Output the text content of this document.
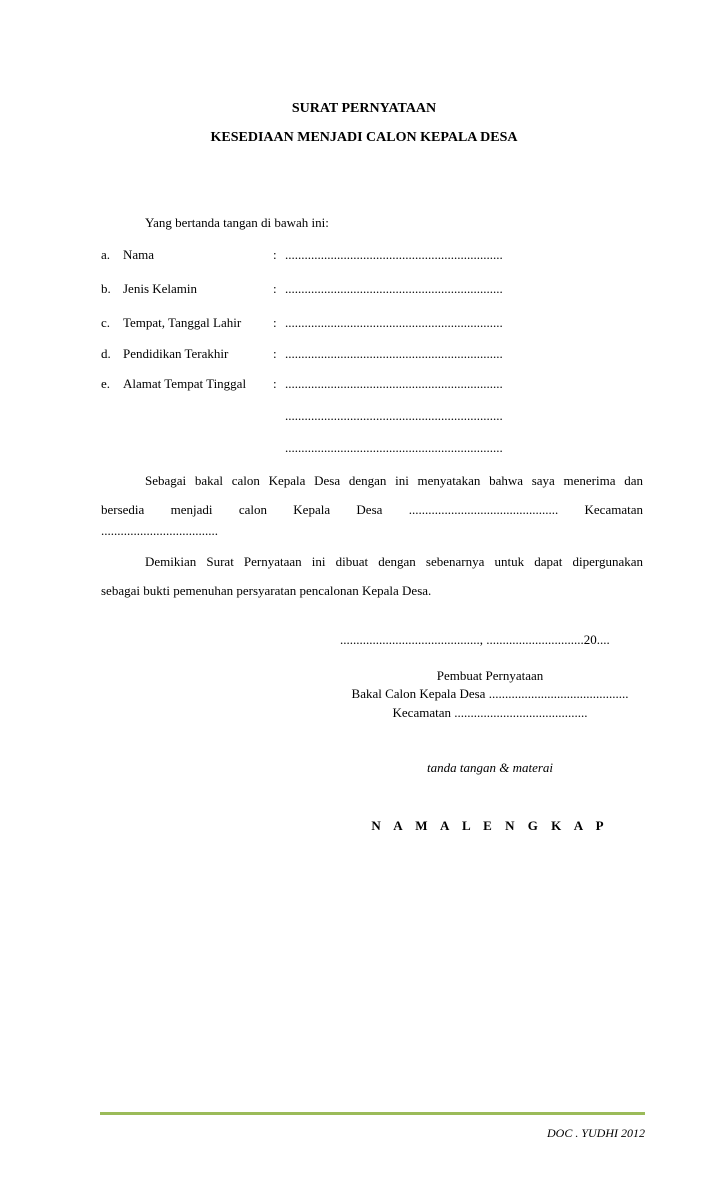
SURAT PERNYATAAN
KESEDIAAN MENJADI CALON KEPALA DESA
Yang bertanda tangan di bawah ini:
a. Nama	: ...................................................................
b. Jenis Kelamin	: ...................................................................
c. Tempat, Tanggal Lahir : ...................................................................
d. Pendidikan Terakhir	: ...................................................................
e. Alamat Tempat Tinggal : ...................................................................
...................................................................
...................................................................
Sebagai bakal calon Kepala Desa dengan ini menyatakan bahwa saya menerima dan
bersedia menjadi calon Kepala Desa .............................................. Kecamatan
....................................
Demikian Surat Pernyataan ini dibuat dengan sebenarnya untuk dapat dipergunakan
sebagai bukti pemenuhan persyaratan pencalonan Kepala Desa.
..........................................., ..............................20....
Pembuat Pernyataan
Bakal Calon Kepala Desa ...........................................
Kecamatan .........................................
tanda tangan & materai
N A M A L E N G K A P
DOC . YUDHI 2012
